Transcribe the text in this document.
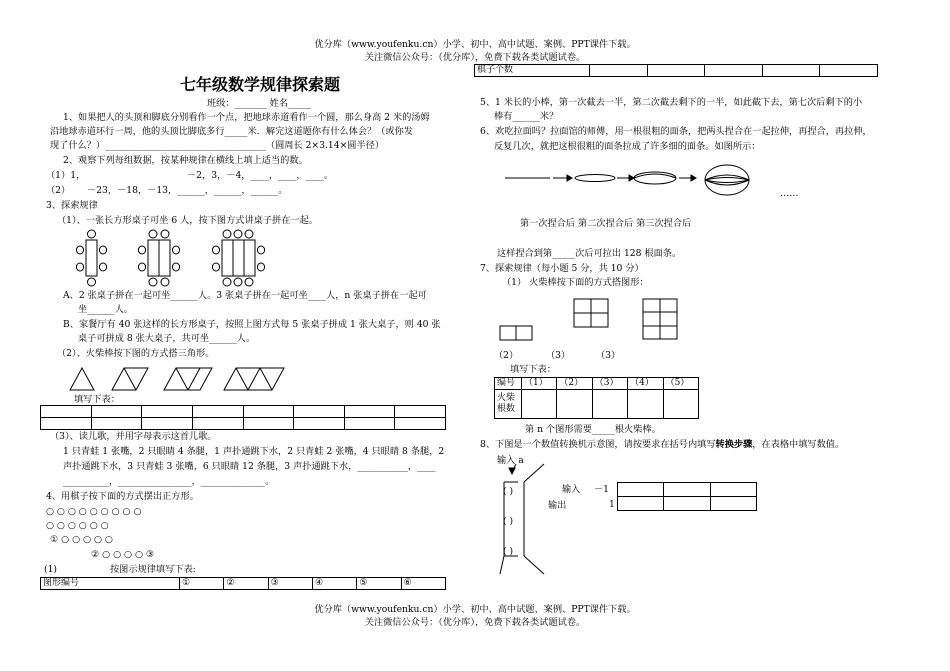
优分库（www.youfenku.cn）小学、初中、高中试题、案例、PPT课件下载。
关注微信公众号：（优分库），免费下载各类试题试卷。
七年级数学规律探索题
班级：_______ 姓名_____
1、如果把人的头顶和脚底分别看作一个点，把地球赤道看作一个圆，那么身高 2 米的汤姆
沿地球赤道环行一周，他的头顶比脚底多行_____米．解完这道题你有什么体会？（或你发
现了什么？）___________________________________（圆周长 2×3.14×圆半径）
2、观察下列每组数据，按某种规律在横线上填上适当的数。
（1）1，	－2，3，－4，____，____，____。
（2） －23，－18，－13，______，______，______。
3、探索规律
（1）、一张长方形桌子可坐 6 人，按下图方式讲桌子拼在一起。
A、2 张桌子拼在一起可坐______人。3 张桌子拼在一起可坐____人，n 张桌子拼在一起可
坐______人。
B、家餐厅有 40 张这样的长方形桌子，按照上图方式每 5 张桌子拼成 1 张大桌子，则 40 张
桌子可拼成 8 张大桌子，共可坐______人。
（2）、火柴棒按下图的方式搭三角形。
填写下表：

（3）、读儿歌，并用字母表示这首儿歌。
1 只青蛙 1 张嘴，2 只眼睛 4 条腿，1 声扑通跳下水，2 只青蛙 2 张嘴，4 只眼睛 8 条腿，2
声扑通跳下水，3 只青蛙 3 张嘴，6 只眼睛 12 条腿，3 声扑通跳下水，___________，____
__________，________________，______________。
4、用棋子按下面的方式摆出正方形。
○ ○ ○ ○ ○ ○ ○ ○ ○
○ ○ ○ ○ ○ ○
① ○ ○ ○ ○ ○
② ○ ○ ○ ○ ③
(1)	按图示规律填写下表:
图形编号	①	②	③	④	⑤	⑥
棋子个数					
5、1 米长的小棒，第一次截去一半，第二次截去剩下的一半，如此截下去，第七次后剩下的小
棒有______米？
6、欢吃拉面吗？拉面馆的师傅，用一根很粗的面条，把两头捏合在一起拉伸，再捏合，再拉伸，
反复几次，就把这根很粗的面条拉成了许多细的面条。如图所示：
……
第一次捏合后 第二次捏合后 第三次捏合后
这样捏合到第_____次后可拉出 128 根面条。
7、探索规律（每小题 5 分，共 10 分）
（1） 火柴棒按下面的方式搭图形：
（2）	（3）	（3）
填写下表：
编号	（1）	（2）	（3）	（4）	（5）
火柴根数					
第 n 个图形需要_____根火柴棒。
8、下图是一个数值转换机示意图，请按要求在括号内填写转换步骤，在表格中填写数值。
输入 a
( )
( )
( )
输出
输入 －1
1

优分库（www.youfenku.cn）小学、初中、高中试题、案例、PPT课件下载。
关注微信公众号：（优分库），免费下载各类试题试卷。
